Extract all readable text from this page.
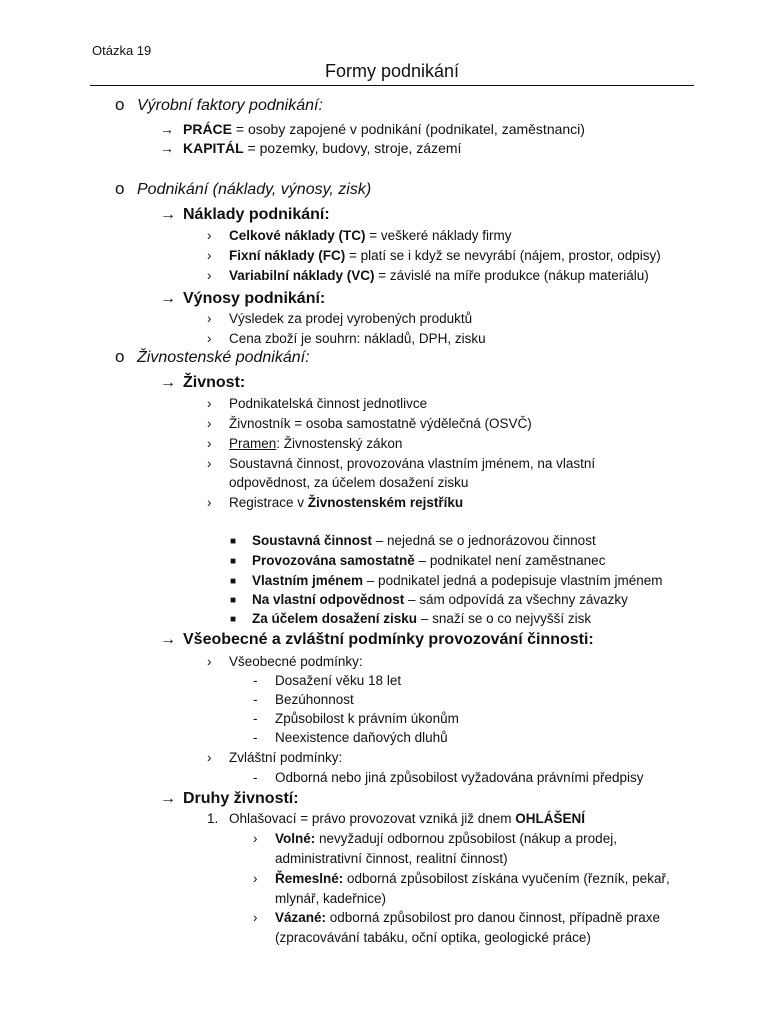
Otázka 19
Formy podnikání
o Výrobní faktory podnikání:
→ PRÁCE = osoby zapojené v podnikání (podnikatel, zaměstnanci)
→ KAPITÁL = pozemky, budovy, stroje, zázemí
o Podnikání (náklady, výnosy, zisk)
→ Náklady podnikání:
› Celkové náklady (TC) = veškeré náklady firmy
› Fixní náklady (FC) = platí se i když se nevyrábí (nájem, prostor, odpisy)
› Variabilní náklady (VC) = závislé na míře produkce (nákup materiálu)
→ Výnosy podnikání:
› Výsledek za prodej vyrobených produktů
› Cena zboží je souhrn: nákladů, DPH, zisku
o Živnostenské podnikání:
→ Živnost:
› Podnikatelská činnost jednotlivce
› Živnostník = osoba samostatně výdělečná (OSVČ)
› Pramen: Živnostenský zákon
› Soustavná činnost, provozována vlastním jménem, na vlastní
odpovědnost, za účelem dosažení zisku
› Registrace v Živnostenském rejstříku
■ Soustavná činnost – nejedná se o jednorázovou činnost
■ Provozována samostatně – podnikatel není zaměstnanec
■ Vlastním jménem – podnikatel jedná a podepisuje vlastním jménem
■ Na vlastní odpovědnost – sám odpovídá za všechny závazky
■ Za účelem dosažení zisku – snaží se o co nejvyšší zisk
→ Všeobecné a zvláštní podmínky provozování činnosti:
› Všeobecné podmínky:
- Dosažení věku 18 let
- Bezúhonnost
- Způsobilost k právním úkonům
- Neexistence daňových dluhů
› Zvláštní podmínky:
- Odborná nebo jiná způsobilost vyžadována právními předpisy
→ Druhy živností:
1. Ohlašovací = právo provozovat vzniká již dnem OHLÁŠENÍ
› Volné: nevyžadují odbornou způsobilost (nákup a prodej,
administrativní činnost, realitní činnost)
› Řemeslné: odborná způsobilost získána vyučením (řezník, pekař,
mlynář, kadeřnice)
› Vázané: odborná způsobilost pro danou činnost, případně praxe
(zpracovávání tabáku, oční optika, geologické práce)
